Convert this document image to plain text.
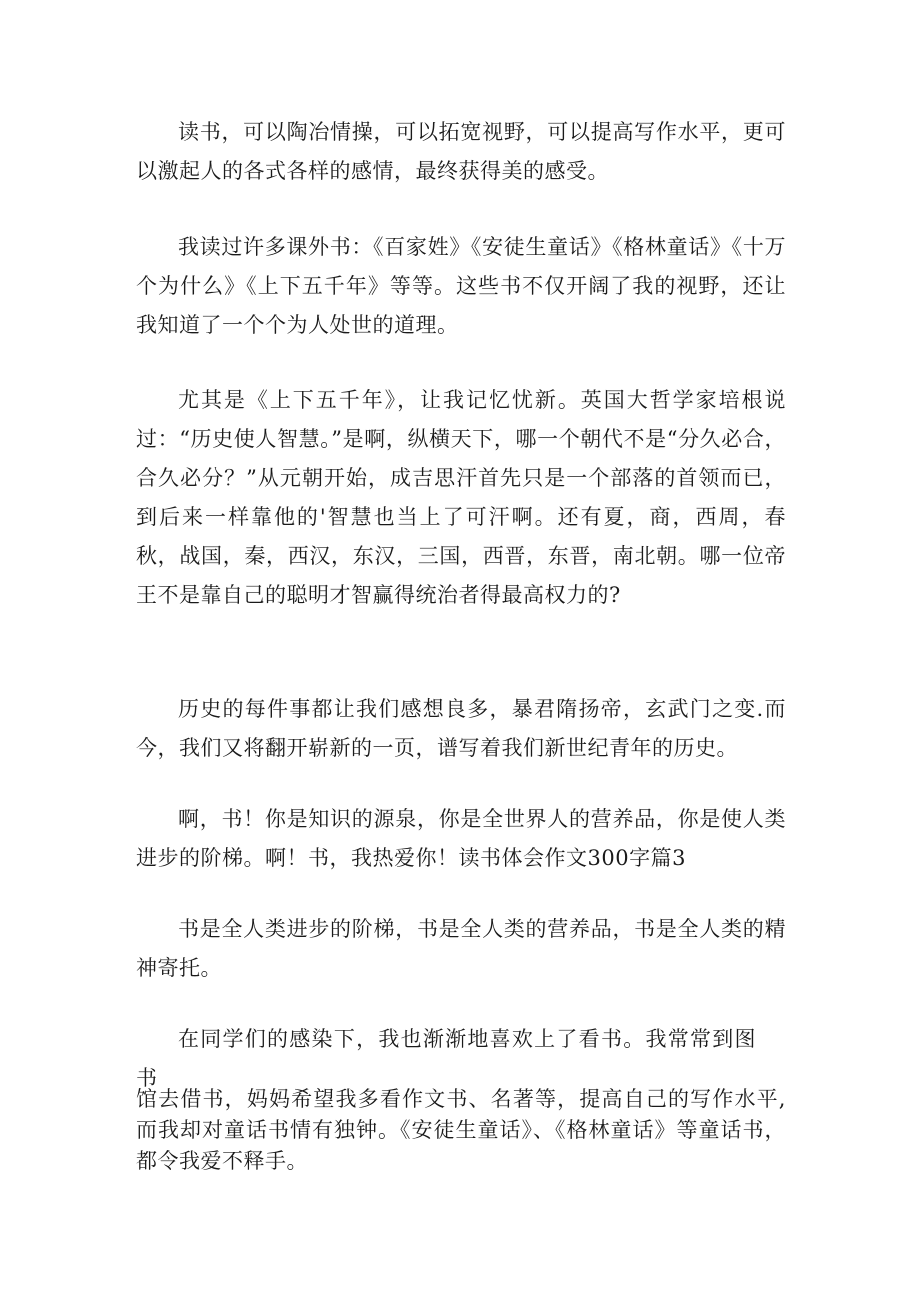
读书，可以陶冶情操，可以拓宽视野，可以提高写作水平，更可以激起人的各式各样的感情，最终获得美的感受。

我读过许多课外书：《百家姓》《安徒生童话》《格林童话》《十万个为什么》《上下五千年》等等。这些书不仅开阔了我的视野，还让我知道了一个个为人处世的道理。

尤其是《上下五千年》，让我记忆忧新。英国大哲学家培根说过：“历史使人智慧。”是啊，纵横天下，哪一个朝代不是“分久必合，合久必分？”从元朝开始，成吉思汗首先只是一个部落的首领而已，到后来一样靠他的'智慧也当上了可汗啊。还有夏，商，西周，春秋，战国，秦，西汉，东汉，三国，西晋，东晋，南北朝。哪一位帝王不是靠自己的聪明才智赢得统治者得最高权力的?

历史的每件事都让我们感想良多，暴君隋扬帝，玄武门之变.而今，我们又将翻开崭新的一页，谱写着我们新世纪青年的历史。

啊，书！你是知识的源泉，你是全世界人的营养品，你是使人类进步的阶梯。啊！书，我热爱你！读书体会作文300字篇3

书是全人类进步的阶梯，书是全人类的营养品，书是全人类的精神寄托。

在同学们的感染下，我也渐渐地喜欢上了看书。我常常到图书

馆去借书，妈妈希望我多看作文书、名著等，提高自己的写作水平,而我却对童话书情有独钟。《安徒生童话》、《格林童话》等童话书，都令我爱不释手。
